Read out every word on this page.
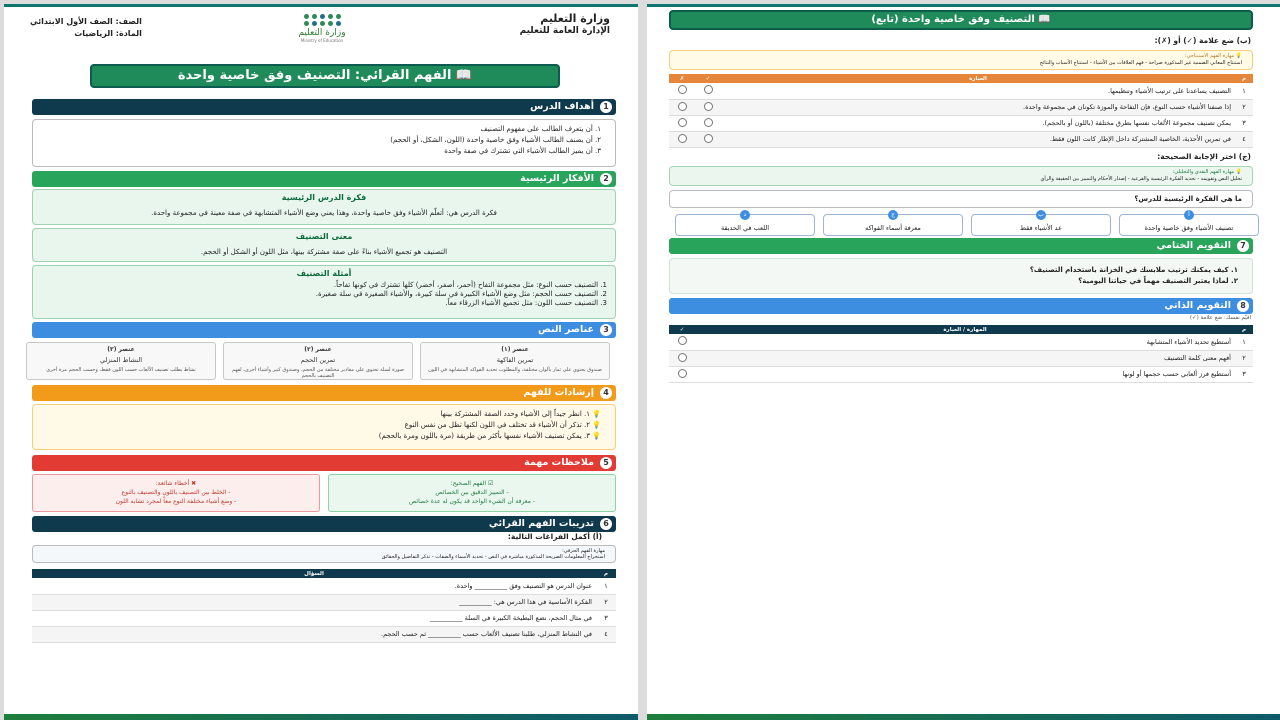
وزارة التعليم
الإدارة العامة للتعليم
وزارة التعليم
Ministry of Education
الصف: الصف الأول الابتدائي
المادة: الرياضيات
📖 الفهم القرائي: التصنيف وفق خاصية واحدة
1
أهداف الدرس
١. أن يتعرف الطالب على مفهوم التصنيف
٢. أن يصنف الطالب الأشياء وفق خاصية واحدة (اللون، الشكل، أو الحجم)
٣. أن يميز الطالب الأشياء التي تشترك في صفة واحدة
2
الأفكار الرئيسية
فكرة الدرس الرئيسية
فكرة الدرس هي: أتعلّم الأشياء وفق خاصية واحدة، وهذا يعني وضع الأشياء المتشابهة في صفة معينة في مجموعة واحدة.
معنى التصنيف
التصنيف هو تجميع الأشياء بناءً على صفة مشتركة بينها، مثل اللون أو الشكل أو الحجم.
أمثلة التصنيف
1. التصنيف حسب النوع: مثل مجموعة التفاح (أحمر، أصفر، أخضر) كلها تشترك في كونها تفاحاً.
2. التصنيف حسب الحجم: مثل وضع الأشياء الكبيرة في سلة كبيرة، والأشياء الصغيرة في سلة صغيرة.
3. التصنيف حسب اللون: مثل تجميع الأشياء الزرقاء معاً.
3
عناصر النص
عنصر (١)
تمرين الفاكهة
صندوق يحتوي على ثمار بألوان مختلفة، والمطلوب تحديد الفواكه المتشابهة في اللون
عنصر (٢)
تمرين الحجم
صورة لسلة تحتوي على مقادير مختلفة من الحجم، وصندوق كبير وأشياء أخرى، لفهم التصنيف بالحجم
عنصر (٣)
النشاط المنزلي
نشاط يطلب تصنيف الألعاب حسب اللون فقط، وحسب الحجم مرة أخرى
4
إرشادات للفهم
💡 ١. انظر جيداً إلى الأشياء وحدد الصفة المشتركة بينها
💡 ٢. تذكر أن الأشياء قد تختلف في اللون لكنها تظل من نفس النوع
💡 ٣. يمكن تصنيف الأشياء نفسها بأكثر من طريقة (مرة باللون ومرة بالحجم)
5
ملاحظات مهمة
☑ الفهم الصحيح:
- التمييز الدقيق بين الخصائص
- معرفة أن الشيء الواحد قد يكون له عدة خصائص
✖ أخطاء شائعة:
- الخلط بين التصنيف باللون والتصنيف بالنوع
- وضع أشياء مختلفة النوع معاً لمجرد تشابه اللون
6
تدريبات الفهم القرائي
(أ) أكمل الفراغات التالية:
مهارة الفهم الحرفي:
استخراج المعلومات الصريحة المذكورة مباشرة في النص - تحديد الأسماء والصفات - تذكر التفاصيل والحقائق
م	السؤال
١	عنوان الدرس هو التصنيف وفق __________ واحدة.
٢	الفكرة الأساسية في هذا الدرس هي: __________
٣	في مثال الحجم، نضع البطيخة الكبيرة في السلة __________
٤	في النشاط المنزلي، طلبنا تصنيف الألعاب حسب __________ ثم حسب الحجم.
📖 التصنيف وفق خاصية واحدة (تابع)
(ب) ضع علامة (✓) أو (✗):
💡 مهارة الفهم الاستنتاجي:
استنتاج المعاني الضمنية غير المذكورة صراحة - فهم العلاقات بين الأشياء - استنتاج الأسباب والنتائج
م	العبارة	✓	✗
١	التصنيف يساعدنا على ترتيب الأشياء وتنظيمها.		
٢	إذا صنفنا الأشياء حسب النوع، فإن التفاحة والموزة تكونان في مجموعة واحدة.		
٣	يمكن تصنيف مجموعة الألعاب نفسها بطرق مختلفة (باللون أو بالحجم).		
٤	في تمرين الأحذية، الخاصية المشتركة داخل الإطار كانت اللون فقط.		
(ج) اختر الإجابة الصحيحة:
💡 مهارة الفهم النقدي والتحليلي:
تحليل النص وتقويمه - تحديد الفكرة الرئيسية والفرعية - إصدار الأحكام والتمييز بين الحقيقة والرأي
ما هي الفكرة الرئيسية للدرس؟
أ
تصنيف الأشياء وفق خاصية واحدة
ب
عد الأشياء فقط
ج
معرفة أسماء الفواكه
د
اللعب في الحديقة
7
التقويم الختامي
١. كيف يمكنك ترتيب ملابسك في الخزانة باستخدام التصنيف؟
٢. لماذا يعتبر التصنيف مهماً في حياتنا اليومية؟
8
التقويم الذاتي
اقيّم نفسك: ضع علامة (✓)
م	المهارة / العبارة	✓
١	أستطيع تحديد الأشياء المتشابهة	
٢	أفهم معنى كلمة التصنيف	
٣	أستطيع فرز ألعابي حسب حجمها أو لونها	
